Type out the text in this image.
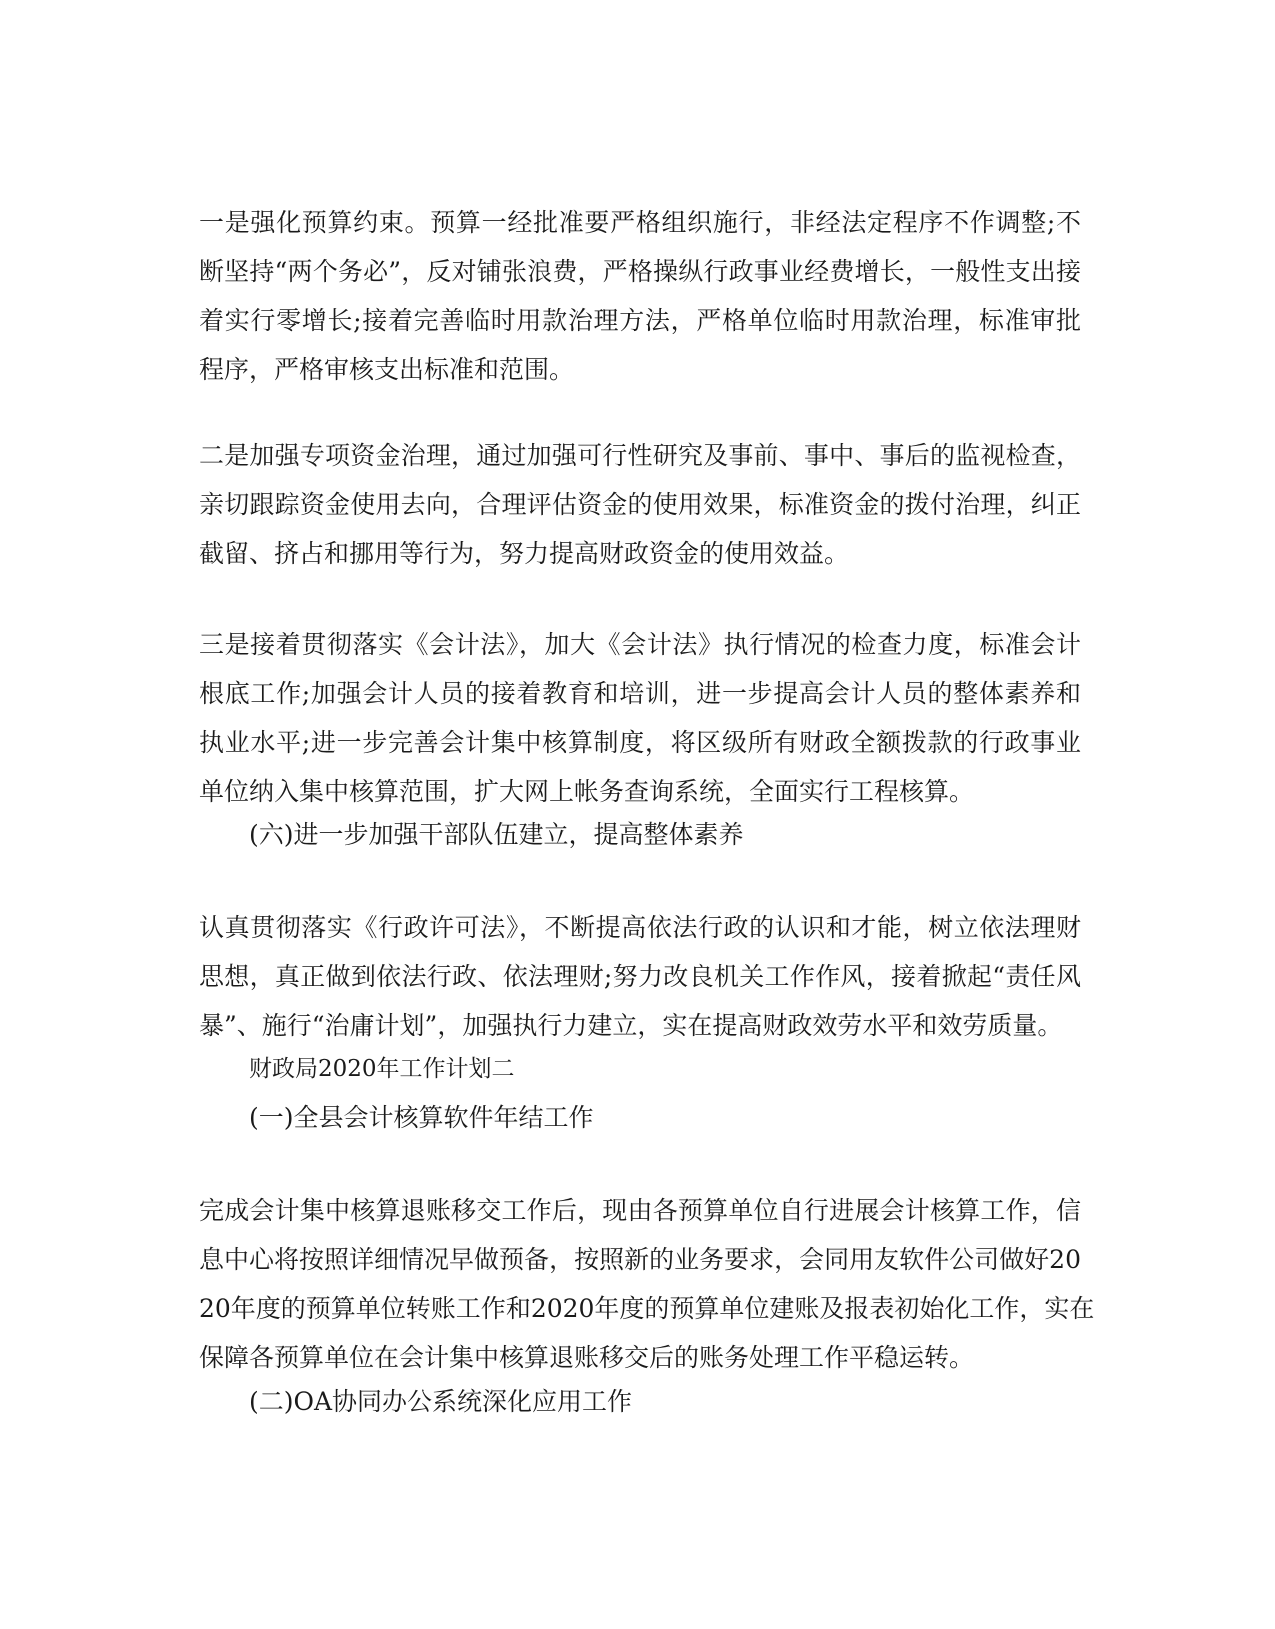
一是强化预算约束。预算一经批准要严格组织施行，非经法定程序不作调整;不
断坚持“两个务必”，反对铺张浪费，严格操纵行政事业经费增长，一般性支出接
着实行零增长;接着完善临时用款治理方法，严格单位临时用款治理，标准审批
程序，严格审核支出标准和范围。
二是加强专项资金治理，通过加强可行性研究及事前、事中、事后的监视检查，
亲切跟踪资金使用去向，合理评估资金的使用效果，标准资金的拨付治理，纠正
截留、挤占和挪用等行为，努力提高财政资金的使用效益。
三是接着贯彻落实《会计法》，加大《会计法》执行情况的检查力度，标准会计
根底工作;加强会计人员的接着教育和培训，进一步提高会计人员的整体素养和
执业水平;进一步完善会计集中核算制度，将区级所有财政全额拨款的行政事业
单位纳入集中核算范围，扩大网上帐务查询系统，全面实行工程核算。
(六)进一步加强干部队伍建立，提高整体素养
认真贯彻落实《行政许可法》，不断提高依法行政的认识和才能，树立依法理财
思想，真正做到依法行政、依法理财;努力改良机关工作作风，接着掀起“责任风
暴”、施行“治庸计划”，加强执行力建立，实在提高财政效劳水平和效劳质量。
财政局2020年工作计划二
(一)全县会计核算软件年结工作
完成会计集中核算退账移交工作后，现由各预算单位自行进展会计核算工作，信
息中心将按照详细情况早做预备，按照新的业务要求，会同用友软件公司做好20
20年度的预算单位转账工作和2020年度的预算单位建账及报表初始化工作，实在
保障各预算单位在会计集中核算退账移交后的账务处理工作平稳运转。
(二)OA协同办公系统深化应用工作
